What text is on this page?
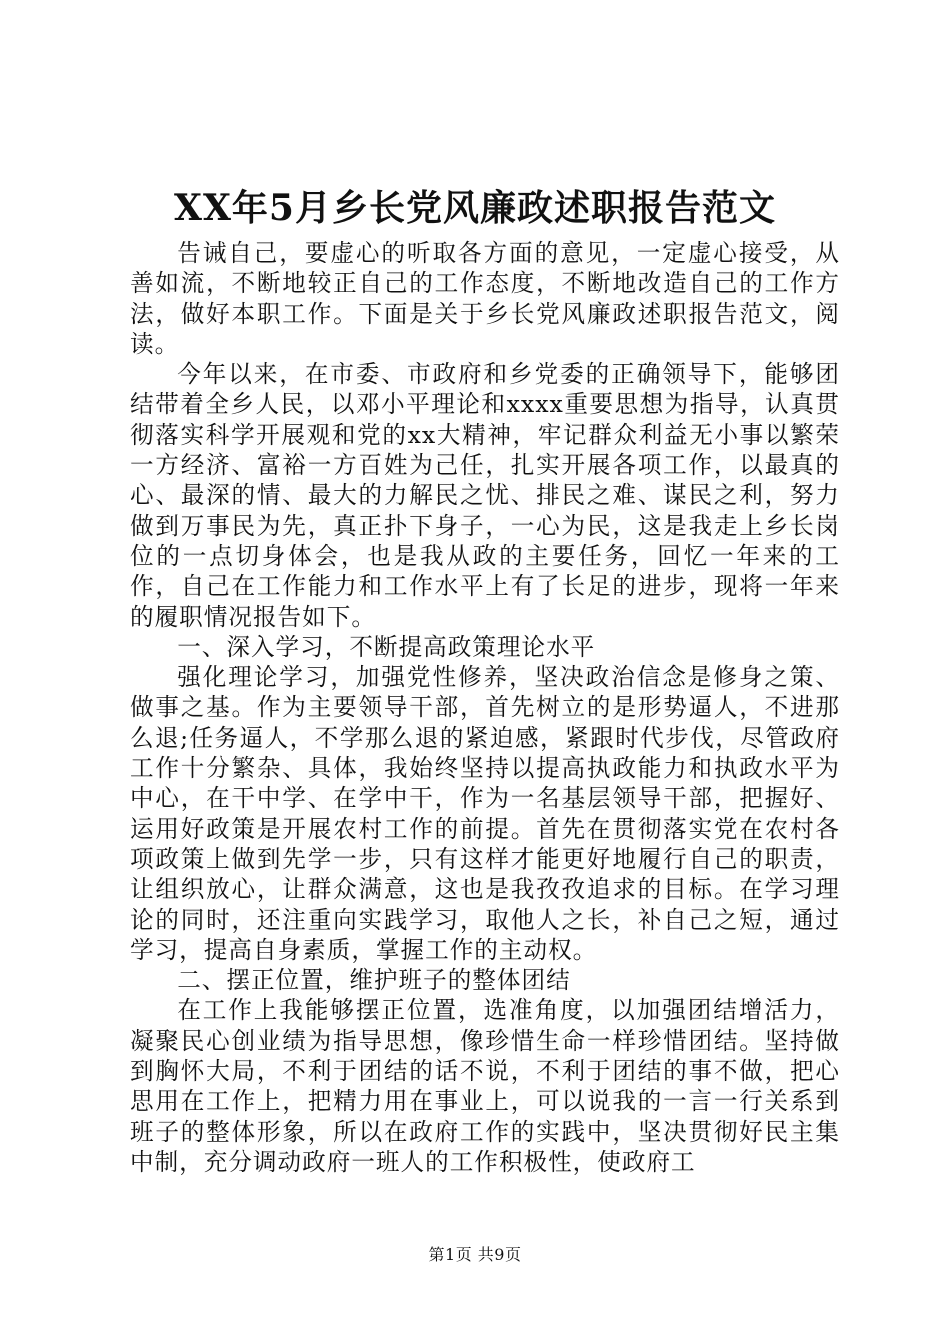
XX年5月乡长党风廉政述职报告范文

告诫自己，要虚心的听取各方面的意见，一定虚心接受，从善如流，不断地较正自己的工作态度，不断地改造自己的工作方法，做好本职工作。下面是关于乡长党风廉政述职报告范文，阅读。

今年以来，在市委、市政府和乡党委的正确领导下，能够团结带着全乡人民，以邓小平理论和xxxx重要思想为指导，认真贯彻落实科学开展观和党的xx大精神，牢记群众利益无小事以繁荣一方经济、富裕一方百姓为己任，扎实开展各项工作，以最真的心、最深的情、最大的力解民之忧、排民之难、谋民之利，努力做到万事民为先，真正扑下身子，一心为民，这是我走上乡长岗位的一点切身体会，也是我从政的主要任务，回忆一年来的工作，自己在工作能力和工作水平上有了长足的进步，现将一年来的履职情况报告如下。

一、深入学习，不断提高政策理论水平

强化理论学习，加强党性修养，坚决政治信念是修身之策、做事之基。作为主要领导干部，首先树立的是形势逼人，不进那么退;任务逼人，不学那么退的紧迫感，紧跟时代步伐，尽管政府工作十分繁杂、具体，我始终坚持以提高执政能力和执政水平为中心，在干中学、在学中干，作为一名基层领导干部，把握好、运用好政策是开展农村工作的前提。首先在贯彻落实党在农村各项政策上做到先学一步，只有这样才能更好地履行自己的职责，让组织放心，让群众满意，这也是我孜孜追求的目标。在学习理论的同时，还注重向实践学习，取他人之长，补自己之短，通过学习，提高自身素质，掌握工作的主动权。

二、摆正位置，维护班子的整体团结

在工作上我能够摆正位置，选准角度，以加强团结增活力，凝聚民心创业绩为指导思想，像珍惜生命一样珍惜团结。坚持做到胸怀大局，不利于团结的话不说，不利于团结的事不做，把心思用在工作上，把精力用在事业上，可以说我的一言一行关系到班子的整体形象，所以在政府工作的实践中，坚决贯彻好民主集中制，充分调动政府一班人的工作积极性，使政府工

第1页 共9页
